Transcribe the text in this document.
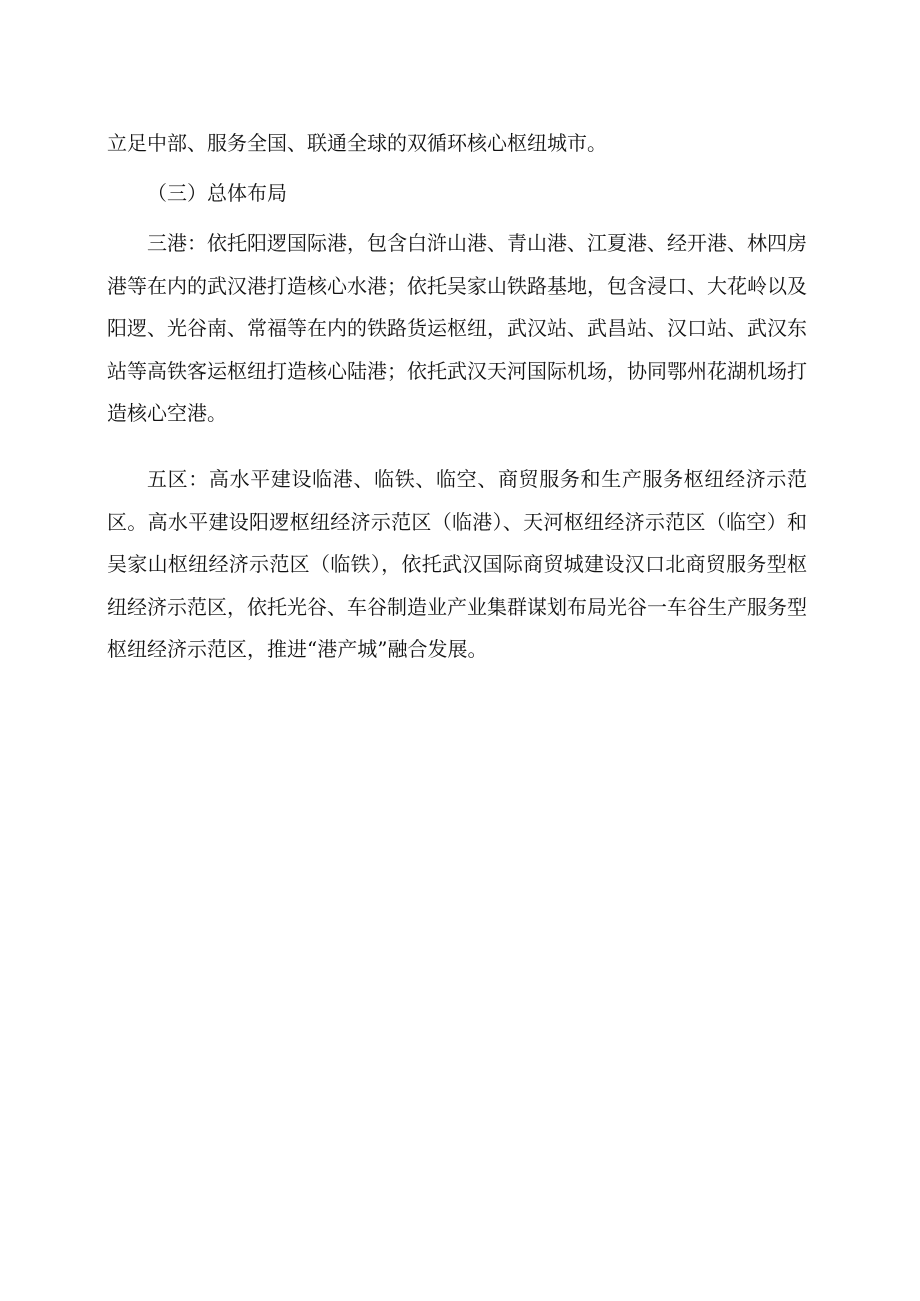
立足中部、服务全国、联通全球的双循环核心枢纽城市。

（三）总体布局

三港：依托阳逻国际港，包含白浒山港、青山港、江夏港、经开港、林四房港等在内的武汉港打造核心水港；依托吴家山铁路基地，包含浸口、大花岭以及阳逻、光谷南、常福等在内的铁路货运枢纽，武汉站、武昌站、汉口站、武汉东站等高铁客运枢纽打造核心陆港；依托武汉天河国际机场，协同鄂州花湖机场打造核心空港。

五区：高水平建设临港、临铁、临空、商贸服务和生产服务枢纽经济示范区。高水平建设阳逻枢纽经济示范区（临港）、天河枢纽经济示范区（临空）和吴家山枢纽经济示范区（临铁），依托武汉国际商贸城建设汉口北商贸服务型枢纽经济示范区，依托光谷、车谷制造业产业集群谋划布局光谷一车谷生产服务型枢纽经济示范区，推进“港产城”融合发展。
